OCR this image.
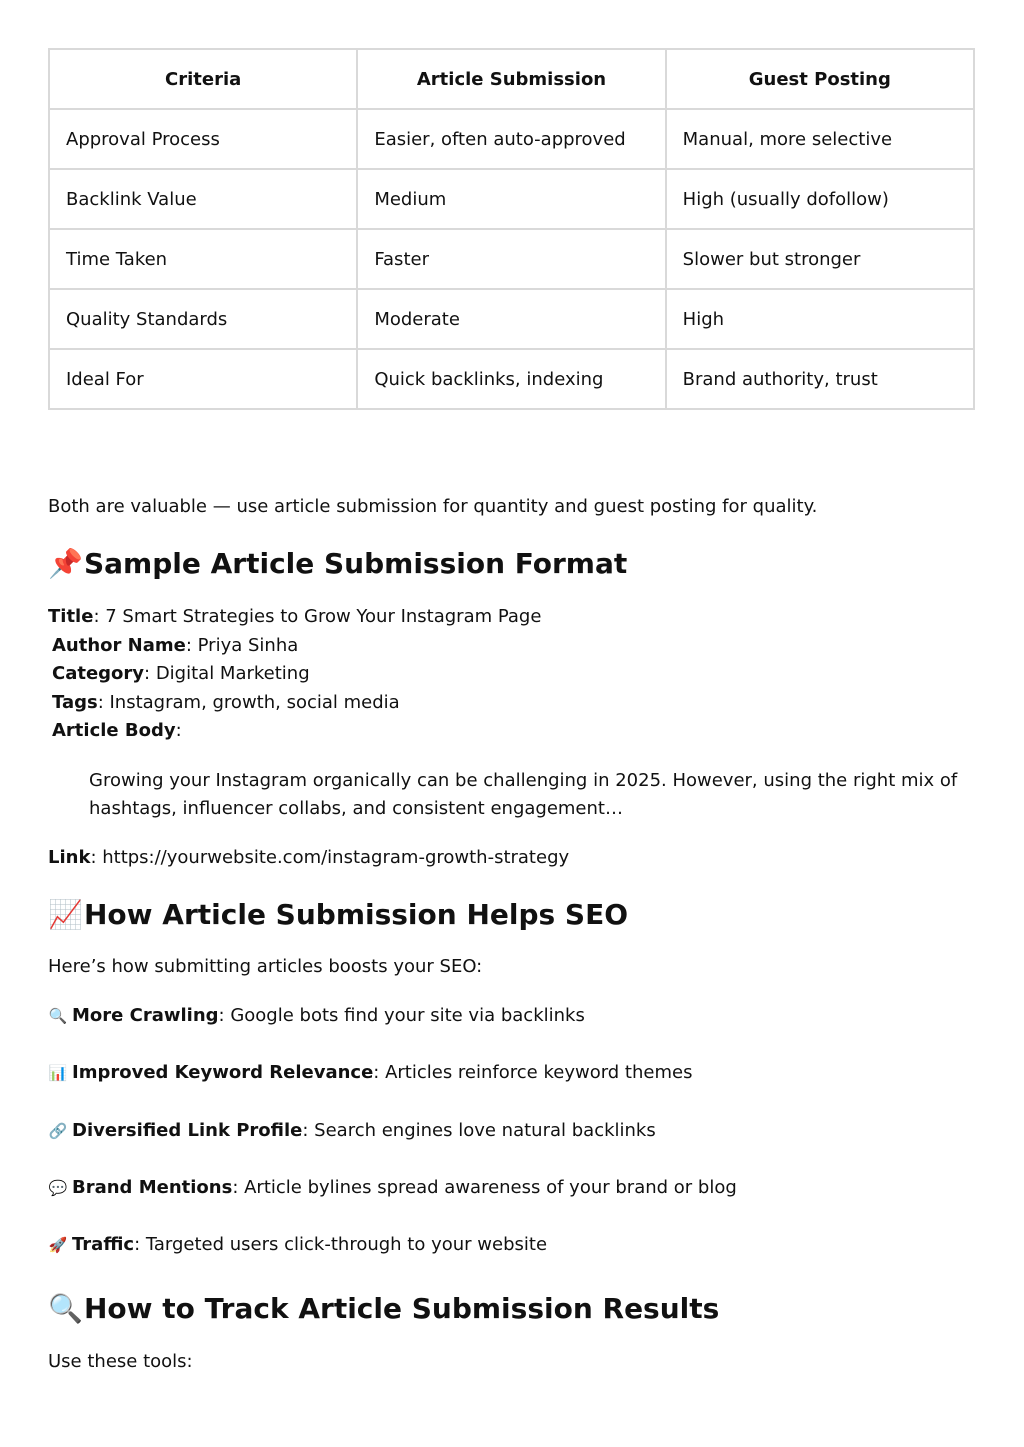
Criteria	Article Submission	Guest Posting
Approval Process	Easier, often auto-approved	Manual, more selective
Backlink Value	Medium	High (usually dofollow)
Time Taken	Faster	Slower but stronger
Quality Standards	Moderate	High
Ideal For	Quick backlinks, indexing	Brand authority, trust
Both are valuable — use article submission for quantity and guest posting for quality.
📌Sample Article Submission Format
Title: 7 Smart Strategies to Grow Your Instagram Page
Author Name: Priya Sinha
Category: Digital Marketing
Tags: Instagram, growth, social media
Article Body:
Growing your Instagram organically can be challenging in 2025. However, using the right mix of hashtags, influencer collabs, and consistent engagement…
Link: https://yourwebsite.com/instagram-growth-strategy
📈How Article Submission Helps SEO
Here’s how submitting articles boosts your SEO:
🔍 More Crawling: Google bots find your site via backlinks
📊 Improved Keyword Relevance: Articles reinforce keyword themes
🔗 Diversified Link Profile: Search engines love natural backlinks
💬 Brand Mentions: Article bylines spread awareness of your brand or blog
🚀 Traffic: Targeted users click-through to your website
🔍How to Track Article Submission Results
Use these tools:
